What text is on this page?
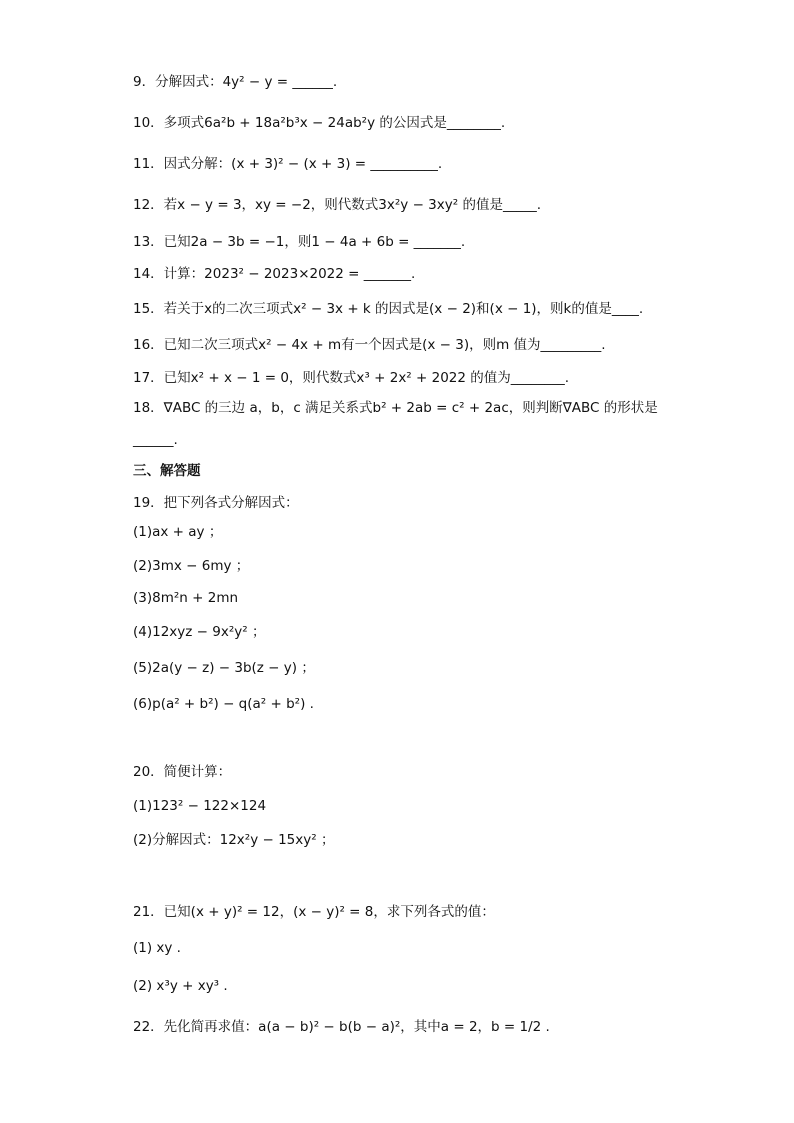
9．分解因式：4y² − y = ______.
10．多项式6a²b + 18a²b³x − 24ab²y 的公因式是________.
11．因式分解：(x + 3)² − (x + 3) = __________.
12．若x − y = 3，xy = −2，则代数式3x²y − 3xy² 的值是_____.
13．已知2a − 3b = −1，则1 − 4a + 6b = _______.
14．计算：2023² − 2023×2022 = _______.
15．若关于x的二次三项式x² − 3x + k 的因式是(x − 2)和(x − 1)，则k的值是____.
16．已知二次三项式x² − 4x + m有一个因式是(x − 3)，则m 值为_________.
17．已知x² + x − 1 = 0，则代数式x³ + 2x² + 2022 的值为________.
18．∇ABC 的三边 a，b，c 满足关系式b² + 2ab = c² + 2ac，则判断∇ABC 的形状是
______.
三、解答题
19．把下列各式分解因式：
(1)ax + ay ；
(2)3mx − 6my ；
(3)8m²n + 2mn
(4)12xyz − 9x²y² ；
(5)2a(y − z) − 3b(z − y) ；
(6)p(a² + b²) − q(a² + b²) .
20．简便计算：
(1)123² − 122×124
(2)分解因式：12x²y − 15xy² ；
21．已知(x + y)² = 12，(x − y)² = 8，求下列各式的值：
(1) xy .
(2) x³y + xy³ .
22．先化简再求值：a(a − b)² − b(b − a)²，其中a = 2，b = 1/2 .
